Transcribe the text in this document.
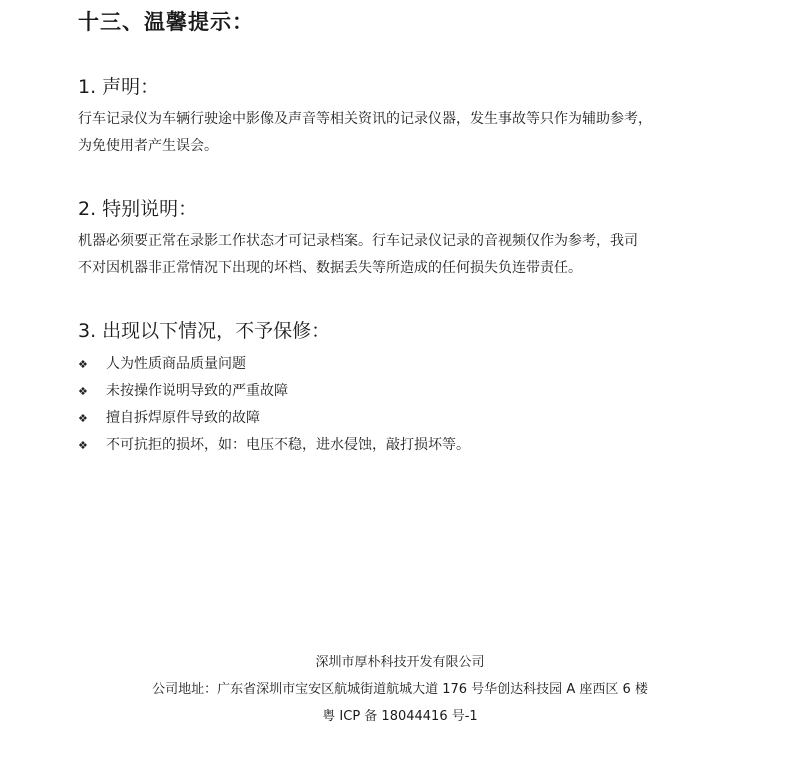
十三、温馨提示：
1. 声明：
行车记录仪为车辆行驶途中影像及声音等相关资讯的记录仪器，发生事故等只作为辅助参考，
为免使用者产生误会。
2. 特别说明：
机器必须要正常在录影工作状态才可记录档案。行车记录仪记录的音视频仅作为参考，我司
不对因机器非正常情况下出现的坏档、数据丢失等所造成的任何损失负连带责任。
3. 出现以下情况，不予保修：
❖	人为性质商品质量问题
❖	未按操作说明导致的严重故障
❖	擅自拆焊原件导致的故障
❖	不可抗拒的损坏，如：电压不稳，进水侵蚀，敲打损坏等。
深圳市厚朴科技开发有限公司
公司地址：广东省深圳市宝安区航城街道航城大道 176 号华创达科技园 A 座西区 6 楼
粤 ICP 备 18044416 号-1
